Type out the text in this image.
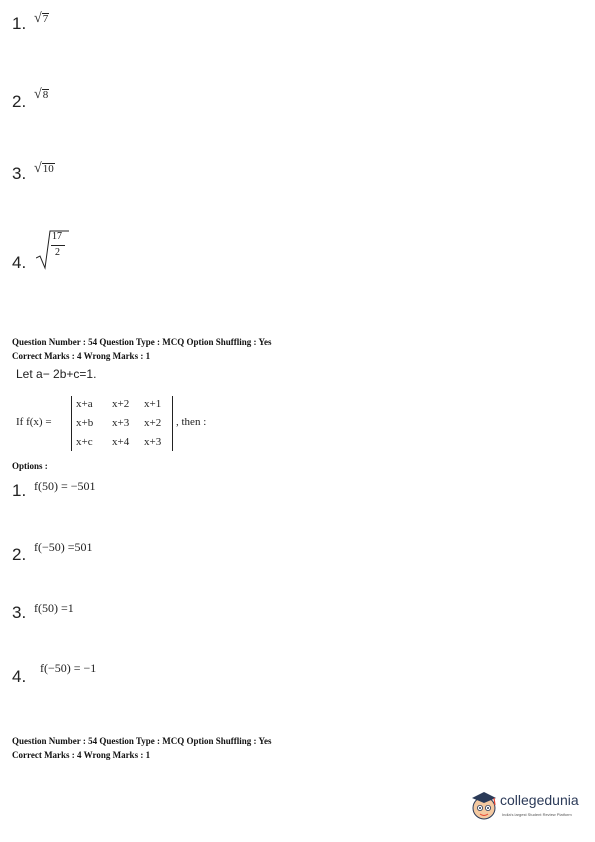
1. √ 7
2. √ 8
3. √ 10
4.
17
2
Question Number : 54 Question Type : MCQ Option Shuffling : Yes
Correct Marks : 4 Wrong Marks : 1
Let a− 2b+c=1.
If f(x) =
x+a	x+2	x+1
x+b	x+3	x+2
x+c	x+4	x+3
, then :
Options :
1. f(50) = −501
2. f(−50) =501
3. f(50) =1
4. f(−50) = −1
Question Number : 54 Question Type : MCQ Option Shuffling : Yes
Correct Marks : 4 Wrong Marks : 1
collegedunia
India's largest Student Review Platform
